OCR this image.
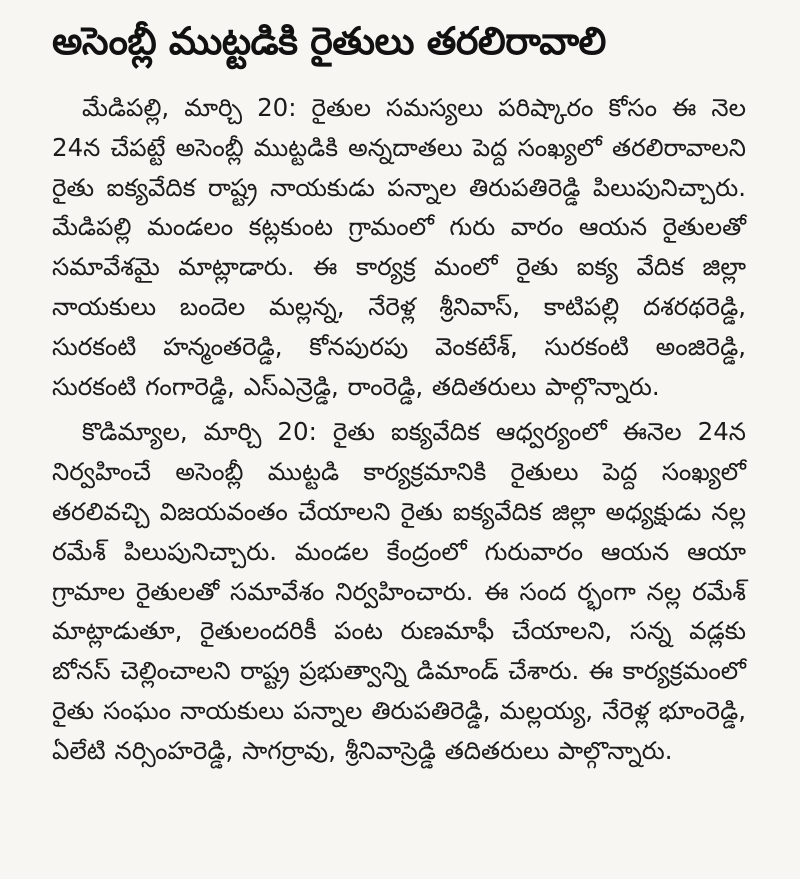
అసెంబ్లీ ముట్టడికి రైతులు తరలిరావాలి

మేడిపల్లి, మార్చి 20: రైతుల సమస్యలు పరిష్కారం కోసం ఈ నెల 24న చేపట్టే అసెంబ్లీ ముట్టడికి అన్నదాతలు పెద్ద సంఖ్యలో తరలిరావాలని రైతు ఐక్యవేదిక రాష్ట్ర నాయకుడు పన్నాల తిరుపతిరెడ్డి పిలుపునిచ్చారు. మేడిపల్లి మండలం కట్లకుంట గ్రామంలో గురు వారం ఆయన రైతులతో సమావేశమై మాట్లాడారు. ఈ కార్యక్ర మంలో రైతు ఐక్య వేదిక జిల్లా నాయకులు బందెల మల్లన్న, నేరెళ్ల శ్రీనివాస్, కాటిపల్లి దశరథరెడ్డి, సురకంటి హన్మంతరెడ్డి, కోనపురపు వెంకటేశ్, సురకంటి అంజిరెడ్డి, సురకంటి గంగారెడ్డి, ఎస్ఎన్రెడ్డి, రాంరెడ్డి, తదితరులు పాల్గొన్నారు.

కొడిమ్యాల, మార్చి 20: రైతు ఐక్యవేదిక ఆధ్వర్యంలో ఈనెల 24న నిర్వహించే అసెంబ్లీ ముట్టడి కార్యక్రమానికి రైతులు పెద్ద సంఖ్యలో తరలివచ్చి విజయవంతం చేయాలని రైతు ఐక్యవేదిక జిల్లా అధ్యక్షుడు నల్ల రమేశ్ పిలుపునిచ్చారు. మండల కేంద్రంలో గురువారం ఆయన ఆయా గ్రామాల రైతులతో సమావేశం నిర్వహించారు. ఈ సంద ర్భంగా నల్ల రమేశ్ మాట్లాడుతూ, రైతులందరికీ పంట రుణమాఫీ చేయాలని, సన్న వడ్లకు బోనస్ చెల్లించాలని రాష్ట్ర ప్రభుత్వాన్ని డిమాండ్ చేశారు. ఈ కార్యక్రమంలో రైతు సంఘం నాయకులు పన్నాల తిరుపతిరెడ్డి, మల్లయ్య, నేరెళ్ల భూంరెడ్డి, ఏలేటి నర్సింహరెడ్డి, సాగర్రావు, శ్రీనివాస్రెడ్డి తదితరులు పాల్గొన్నారు.
